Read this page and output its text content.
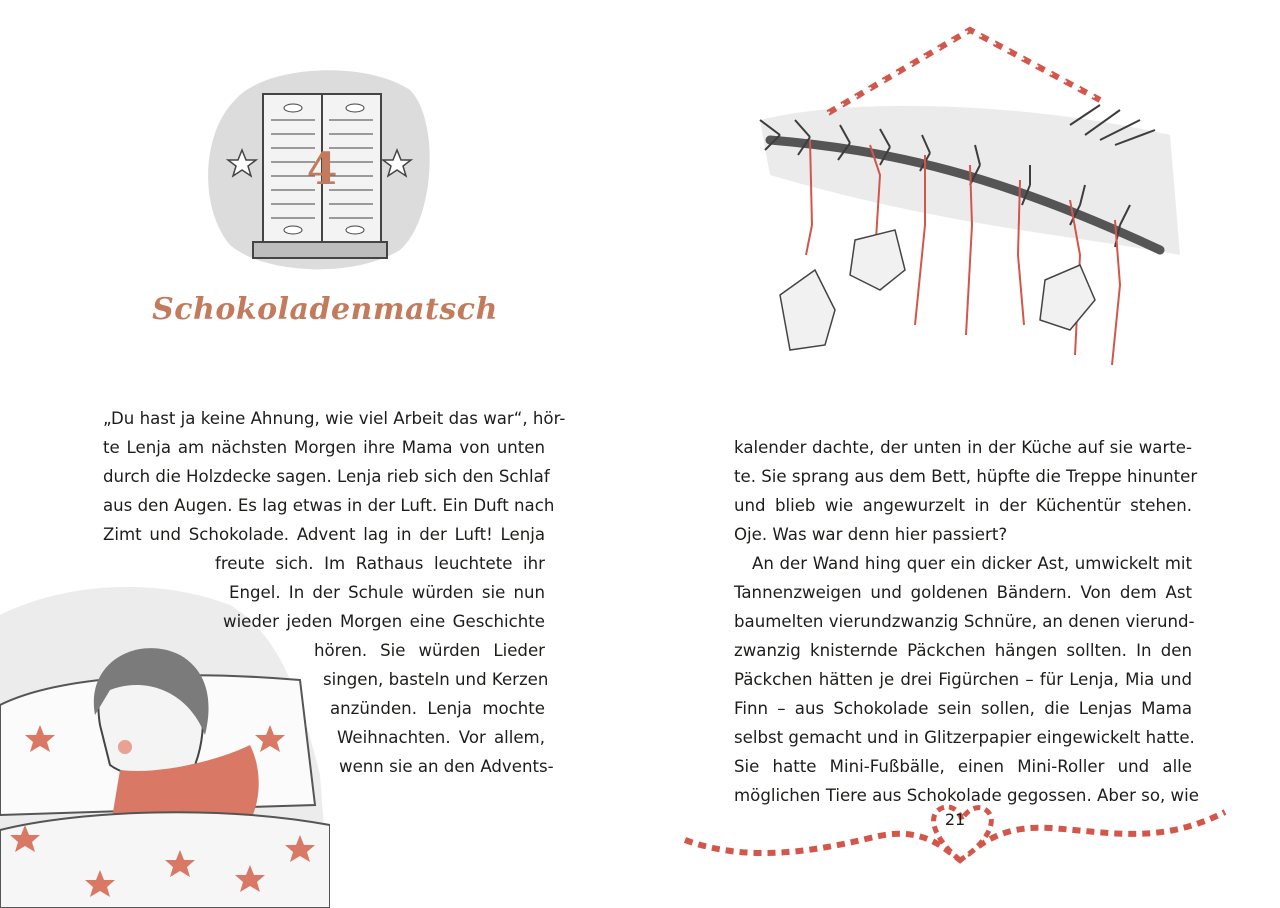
4
Schokoladenmatsch

„Du hast ja keine Ahnung, wie viel Arbeit das war“, hör-

te Lenja am nächsten Morgen ihre Mama von unten

durch die Holzdecke sagen. Lenja rieb sich den Schlaf

aus den Augen. Es lag etwas in der Luft. Ein Duft nach

Zimt und Schokolade. Advent lag in der Luft! Lenja

freute sich. Im Rathaus leuchtete ihr

Engel. In der Schule würden sie nun

wieder jeden Morgen eine Geschichte

hören. Sie würden Lieder

singen, basteln und Kerzen

anzünden. Lenja mochte

Weihnachten. Vor allem,

wenn sie an den Advents-

kalender dachte, der unten in der Küche auf sie warte-

te. Sie sprang aus dem Bett, hüpfte die Treppe hinunter

und blieb wie angewurzelt in der Küchentür stehen.

Oje. Was war denn hier passiert?

An der Wand hing quer ein dicker Ast, umwickelt mit

Tannenzweigen und goldenen Bändern. Von dem Ast

baumelten vierundzwanzig Schnüre, an denen vierund-

zwanzig knisternde Päckchen hängen sollten. In den

Päckchen hätten je drei Figürchen – für Lenja, Mia und

Finn – aus Schokolade sein sollen, die Lenjas Mama

selbst gemacht und in Glitzerpapier eingewickelt hatte.

Sie hatte Mini-Fußbälle, einen Mini-Roller und alle

möglichen Tiere aus Schokolade gegossen. Aber so, wie

21
